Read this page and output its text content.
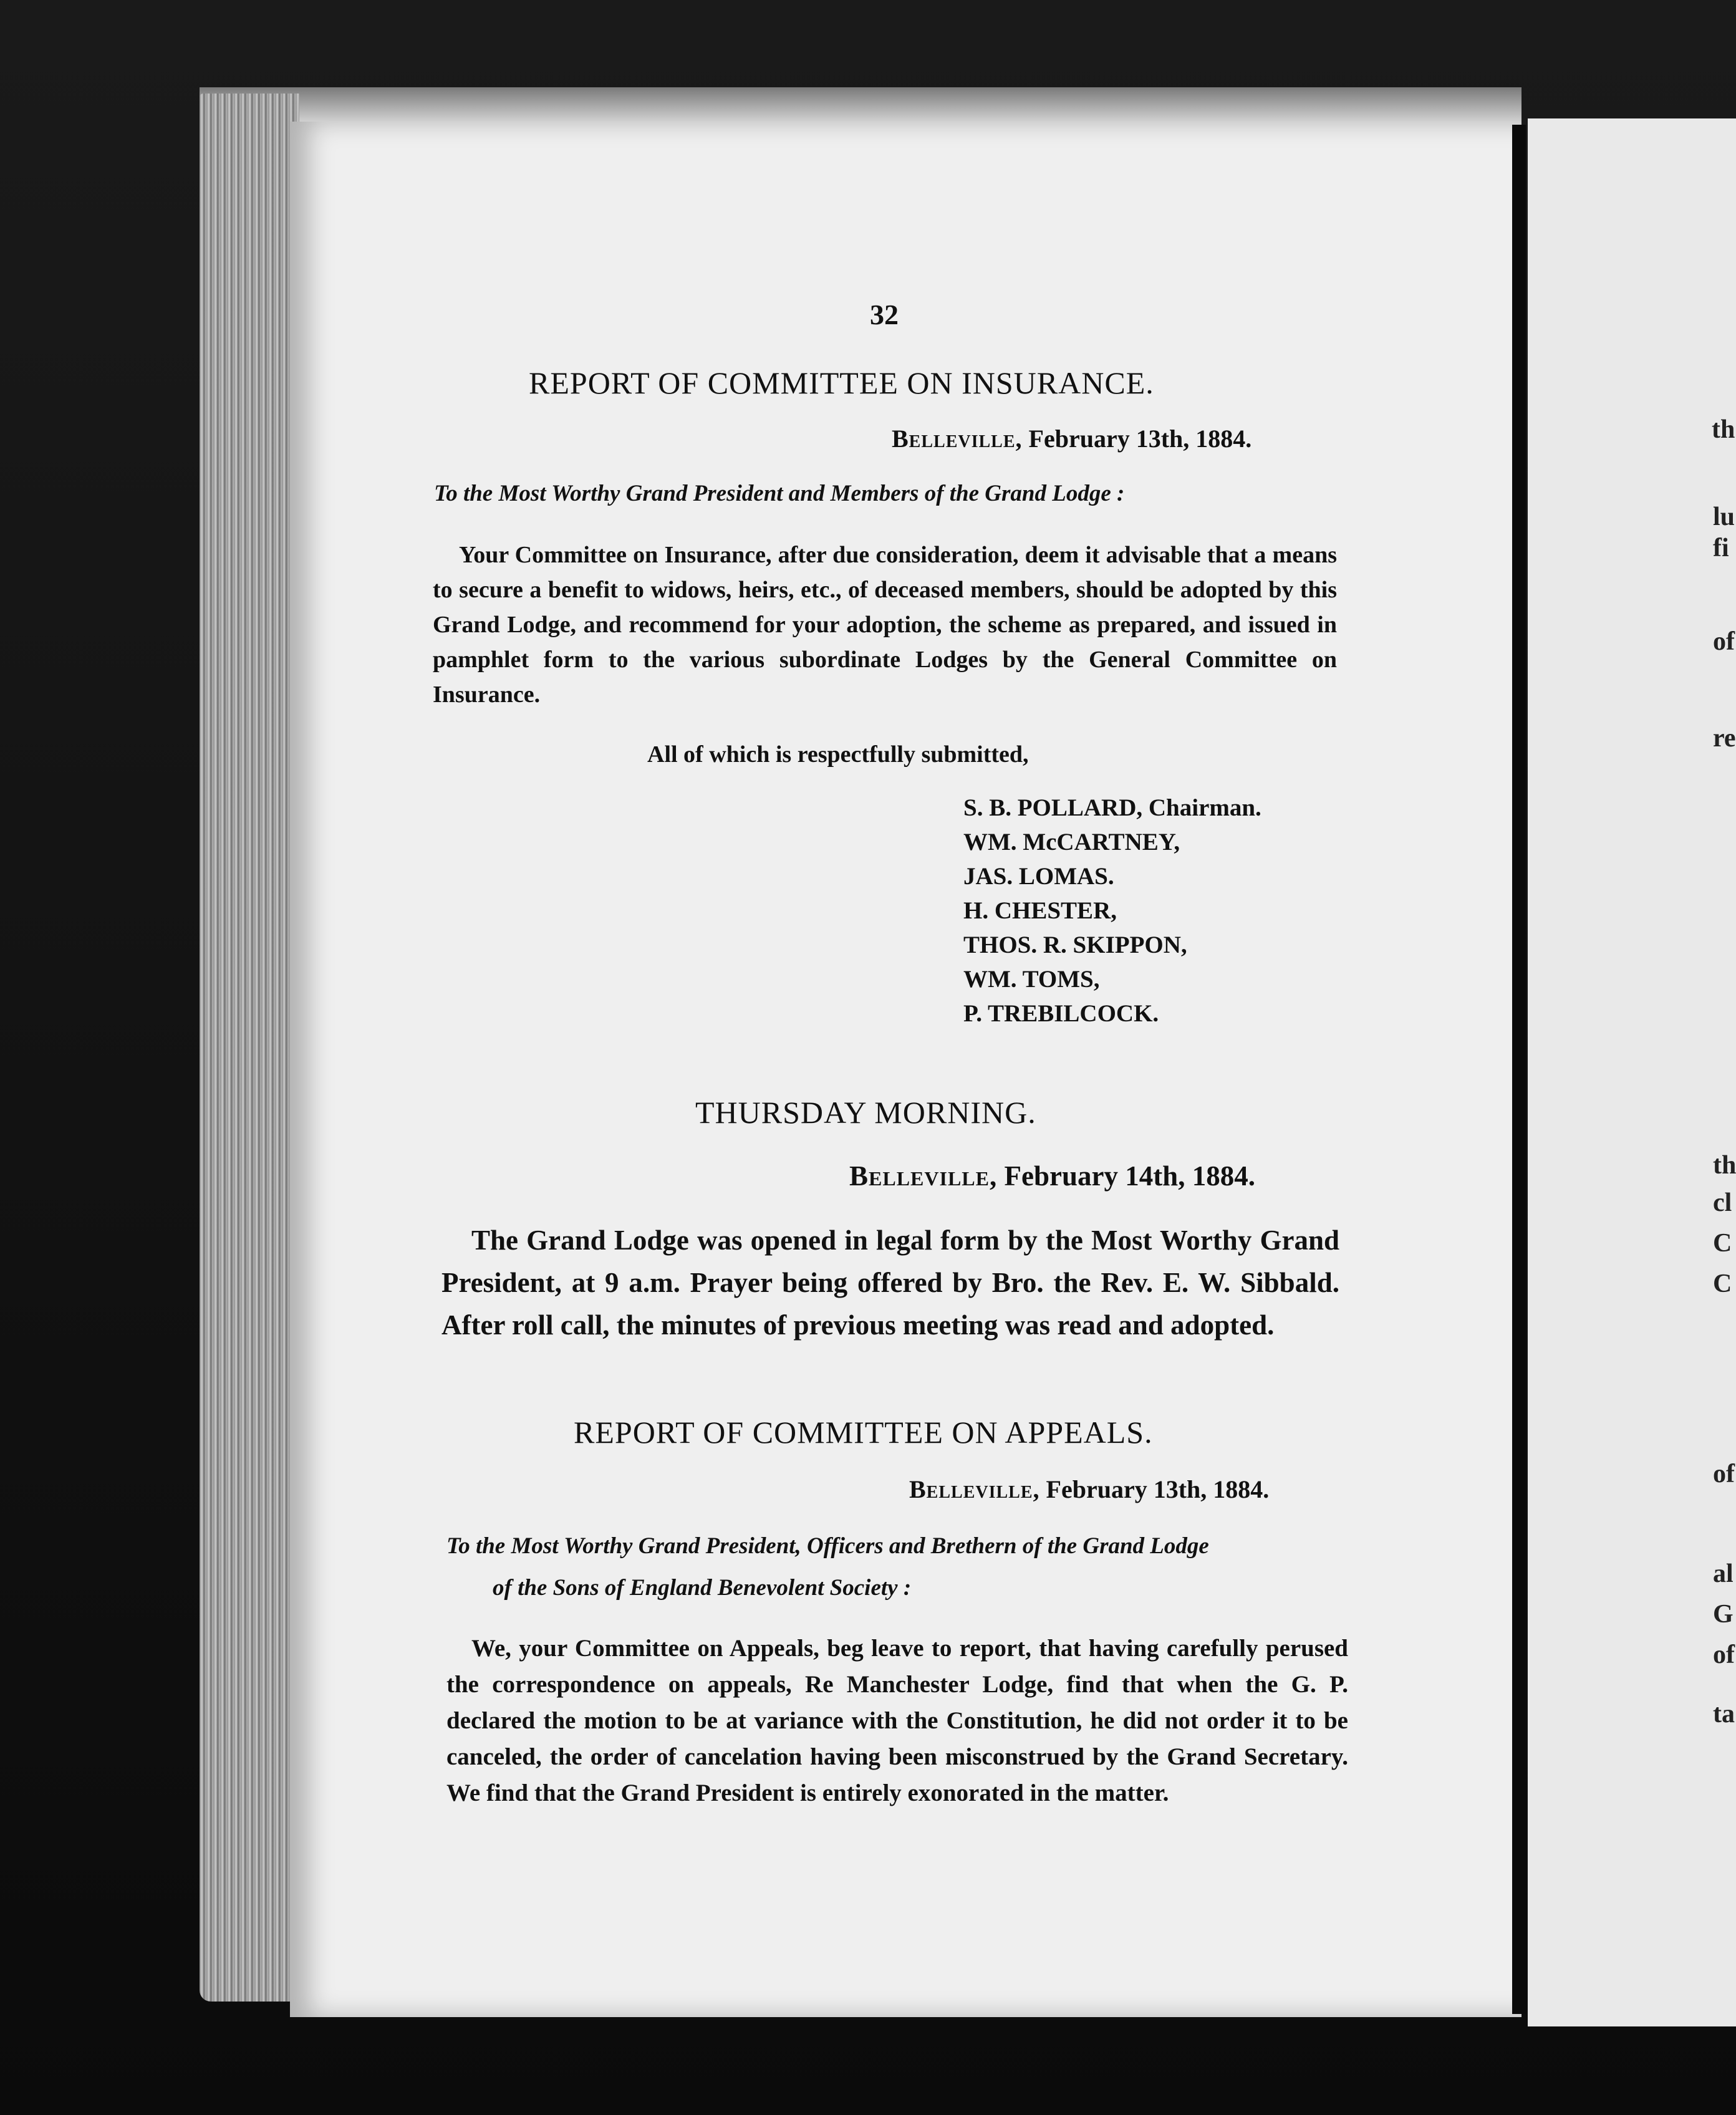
th
lu
fi
of
re
th
cl
C
C
of
al
G
of
ta
32
REPORT OF COMMITTEE ON INSURANCE.
Belleville, February 13th, 1884.
To the Most Worthy Grand President and Members of the Grand Lodge :
Your Committee on Insurance, after due consideration, deem it advisable that a means to secure a benefit to widows, heirs, etc., of deceased members, should be adopted by this Grand Lodge, and recommend for your adoption, the scheme as prepared, and issued in pamphlet form to the various subordinate Lodges by the General Committee on Insurance.
All of which is respectfully submitted,
S. B. POLLARD, Chairman.
WM. McCARTNEY,
JAS. LOMAS.
H. CHESTER,
THOS. R. SKIPPON,
WM. TOMS,
P. TREBILCOCK.
THURSDAY MORNING.
Belleville, February 14th, 1884.
The Grand Lodge was opened in legal form by the Most Worthy Grand President, at 9 a.m. Prayer being offered by Bro. the Rev. E. W. Sibbald. After roll call, the minutes of previous meeting was read and adopted.
REPORT OF COMMITTEE ON APPEALS.
Belleville, February 13th, 1884.
To the Most Worthy Grand President, Officers and Brethern of the Grand Lodge
of the Sons of England Benevolent Society :
We, your Committee on Appeals, beg leave to report, that having carefully perused the correspondence on appeals, Re Manchester Lodge, find that when the G. P. declared the motion to be at variance with the Constitution, he did not order it to be canceled, the order of cancelation having been misconstrued by the Grand Secretary. We find that the Grand President is entirely exonorated in the matter.
